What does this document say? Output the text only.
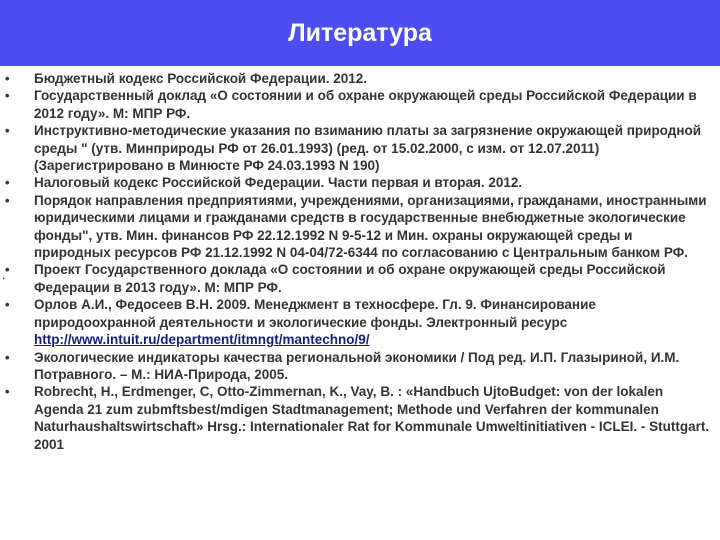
Литература
.
• Бюджетный кодекс Российской Федерации. 2012.
• Государственный доклад «О состоянии и об охране окружающей среды Российской Федерации в 2012 году». М: МПР РФ.
• Инструктивно-методические указания по взиманию платы за загрязнение окружающей природной среды " (утв. Минприроды РФ от 26.01.1993) (ред. от 15.02.2000, с изм. от 12.07.2011) (Зарегистрировано в Минюсте РФ 24.03.1993 N 190)
• Налоговый кодекс Российской Федерации. Части первая и вторая. 2012.
• Порядок направления предприятиями, учреждениями, организациями, гражданами, иностранными юридическими лицами и гражданами средств в государственные внебюджетные экологические фонды", утв. Мин. финансов РФ 22.12.1992 N 9-5-12 и Мин. охраны окружающей среды и природных ресурсов РФ 21.12.1992 N 04-04/72-6344 по согласованию с Центральным банком РФ.
• Проект Государственного доклада «О состоянии и об охране окружающей среды Российской Федерации в 2013 году». М: МПР РФ.
• Орлов А.И., Федосеев В.Н. 2009. Менеджмент в техносфере. Гл. 9. Финансирование природоохранной деятельности и экологические фонды. Электронный ресурс
http://www.intuit.ru/department/itmngt/mantechno/9/
• Экологические индикаторы качества региональной экономики / Под ред. И.П. Глазыриной, И.М. Потравного. – М.: НИА-Природа, 2005.
• Robrecht, H., Erdmenger, C, Otto-Zimmernan, K., Vay, B. : «Handbuch UjtoBudget: von der lokalen Agenda 21 zum zubmftsbest/mdigen Stadtmanagement; Methode und Verfahren der kommunalen Naturhaushaltswirtschaft» Hrsg.: Internationaler Rat for Kommunale Umweltinitiativen - ICLEI. - Stuttgart. 2001
